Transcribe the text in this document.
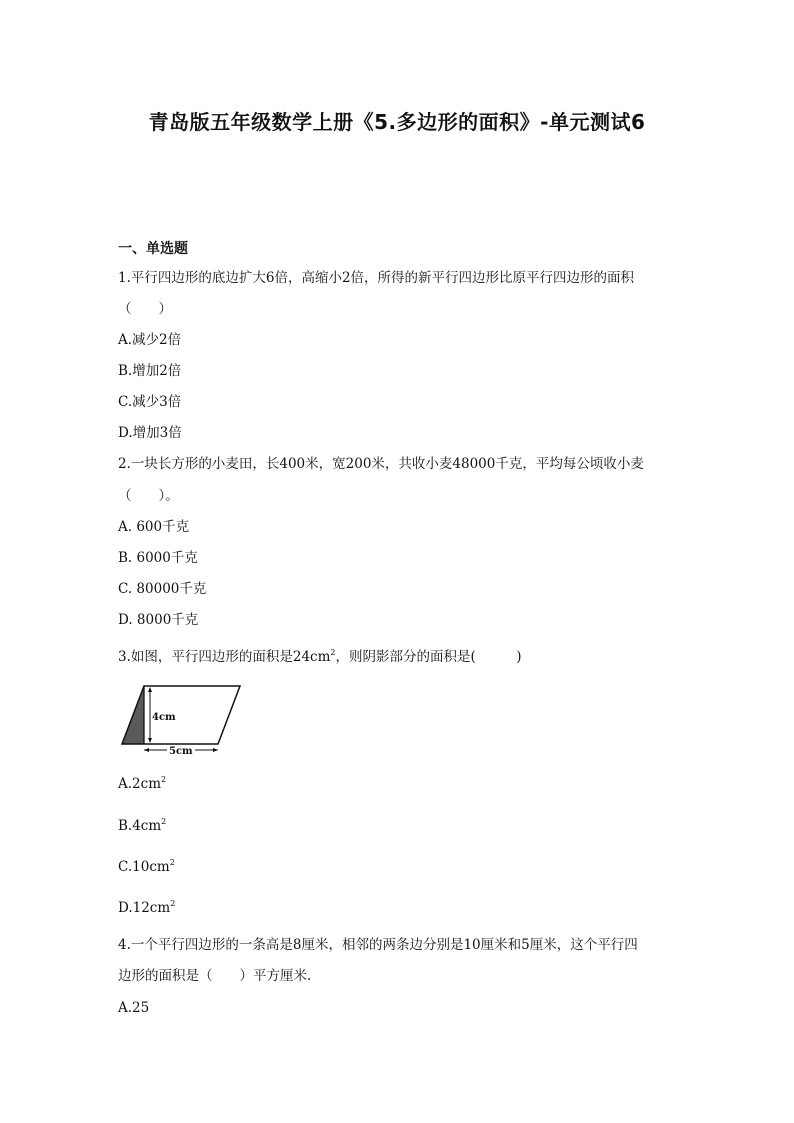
青岛版五年级数学上册《5.多边形的面积》-单元测试6
一、单选题
1.平行四边形的底边扩大6倍，高缩小2倍，所得的新平行四边形比原平行四边形的面积
（　　）
A.减少2倍
B.增加2倍
C.减少3倍
D.增加3倍
2.一块长方形的小麦田，长400米，宽200米，共收小麦48000千克，平均每公顷收小麦
（　　）。
A. 600千克
B. 6000千克
C. 80000千克
D. 8000千克
3.如图，平行四边形的面积是$24cm^2$，则阴影部分的面积是(　　　)
4cm
5cm
$A.2cm^2$
$B.4cm^2$
$C.10cm^2$
$D.12cm^2$
4.一个平行四边形的一条高是8厘米，相邻的两条边分别是10厘米和5厘米，这个平行四
边形的面积是（　　）平方厘米.
A.25
